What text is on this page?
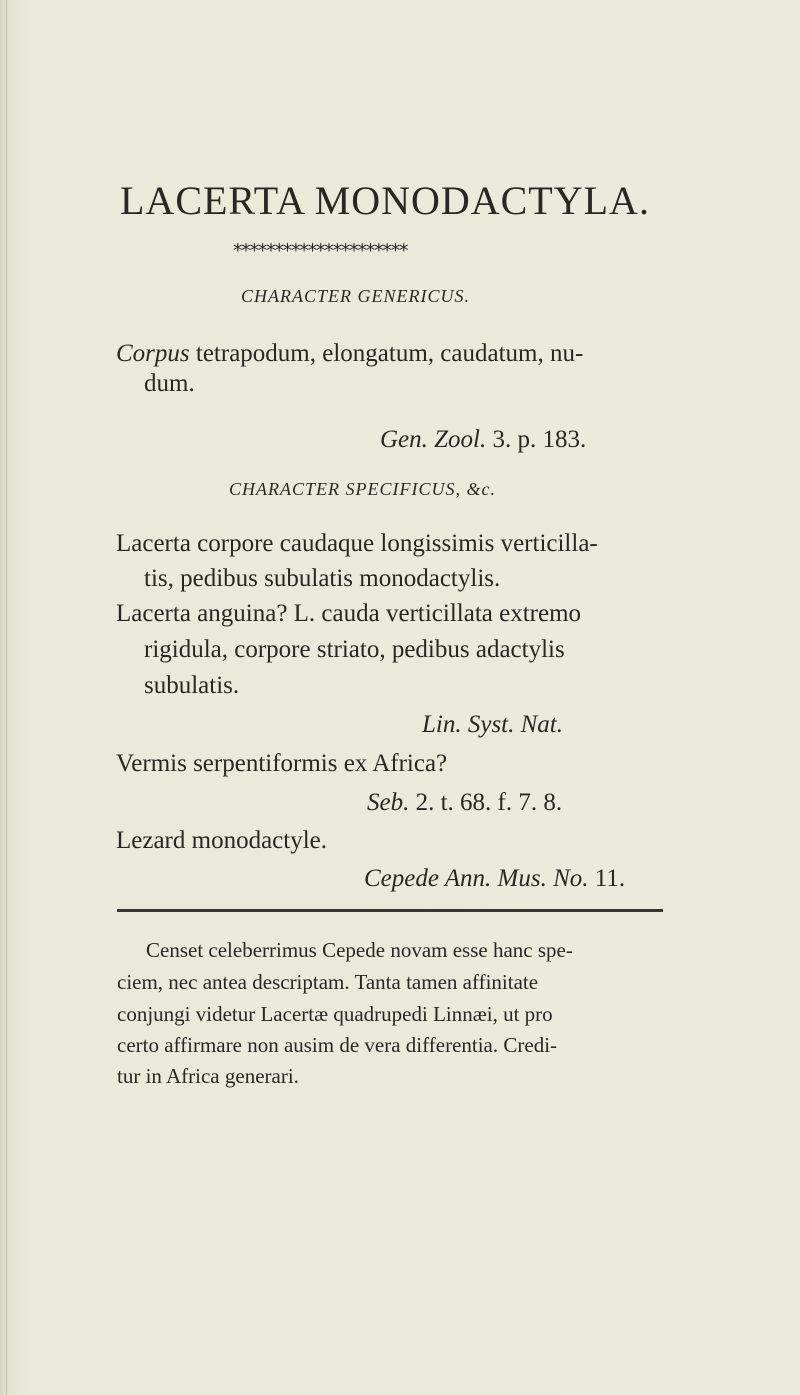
LACERTA MONODACTYLA.
*********************
CHARACTER GENERICUS.
Corpus tetrapodum, elongatum, caudatum, nu-
dum.
Gen. Zool. 3. p. 183.
CHARACTER SPECIFICUS, &c.
Lacerta corpore caudaque longissimis verticilla-
tis, pedibus subulatis monodactylis.
Lacerta anguina? L. cauda verticillata extremo
rigidula, corpore striato, pedibus adactylis
subulatis.
Lin. Syst. Nat.
Vermis serpentiformis ex Africa?
Seb. 2. t. 68. f. 7. 8.
Lezard monodactyle.
Cepede Ann. Mus. No. 11.
Censet celeberrimus Cepede novam esse hanc spe-
ciem, nec antea descriptam. Tanta tamen affinitate
conjungi videtur Lacertæ quadrupedi Linnæi, ut pro
certo affirmare non ausim de vera differentia. Credi-
tur in Africa generari.
